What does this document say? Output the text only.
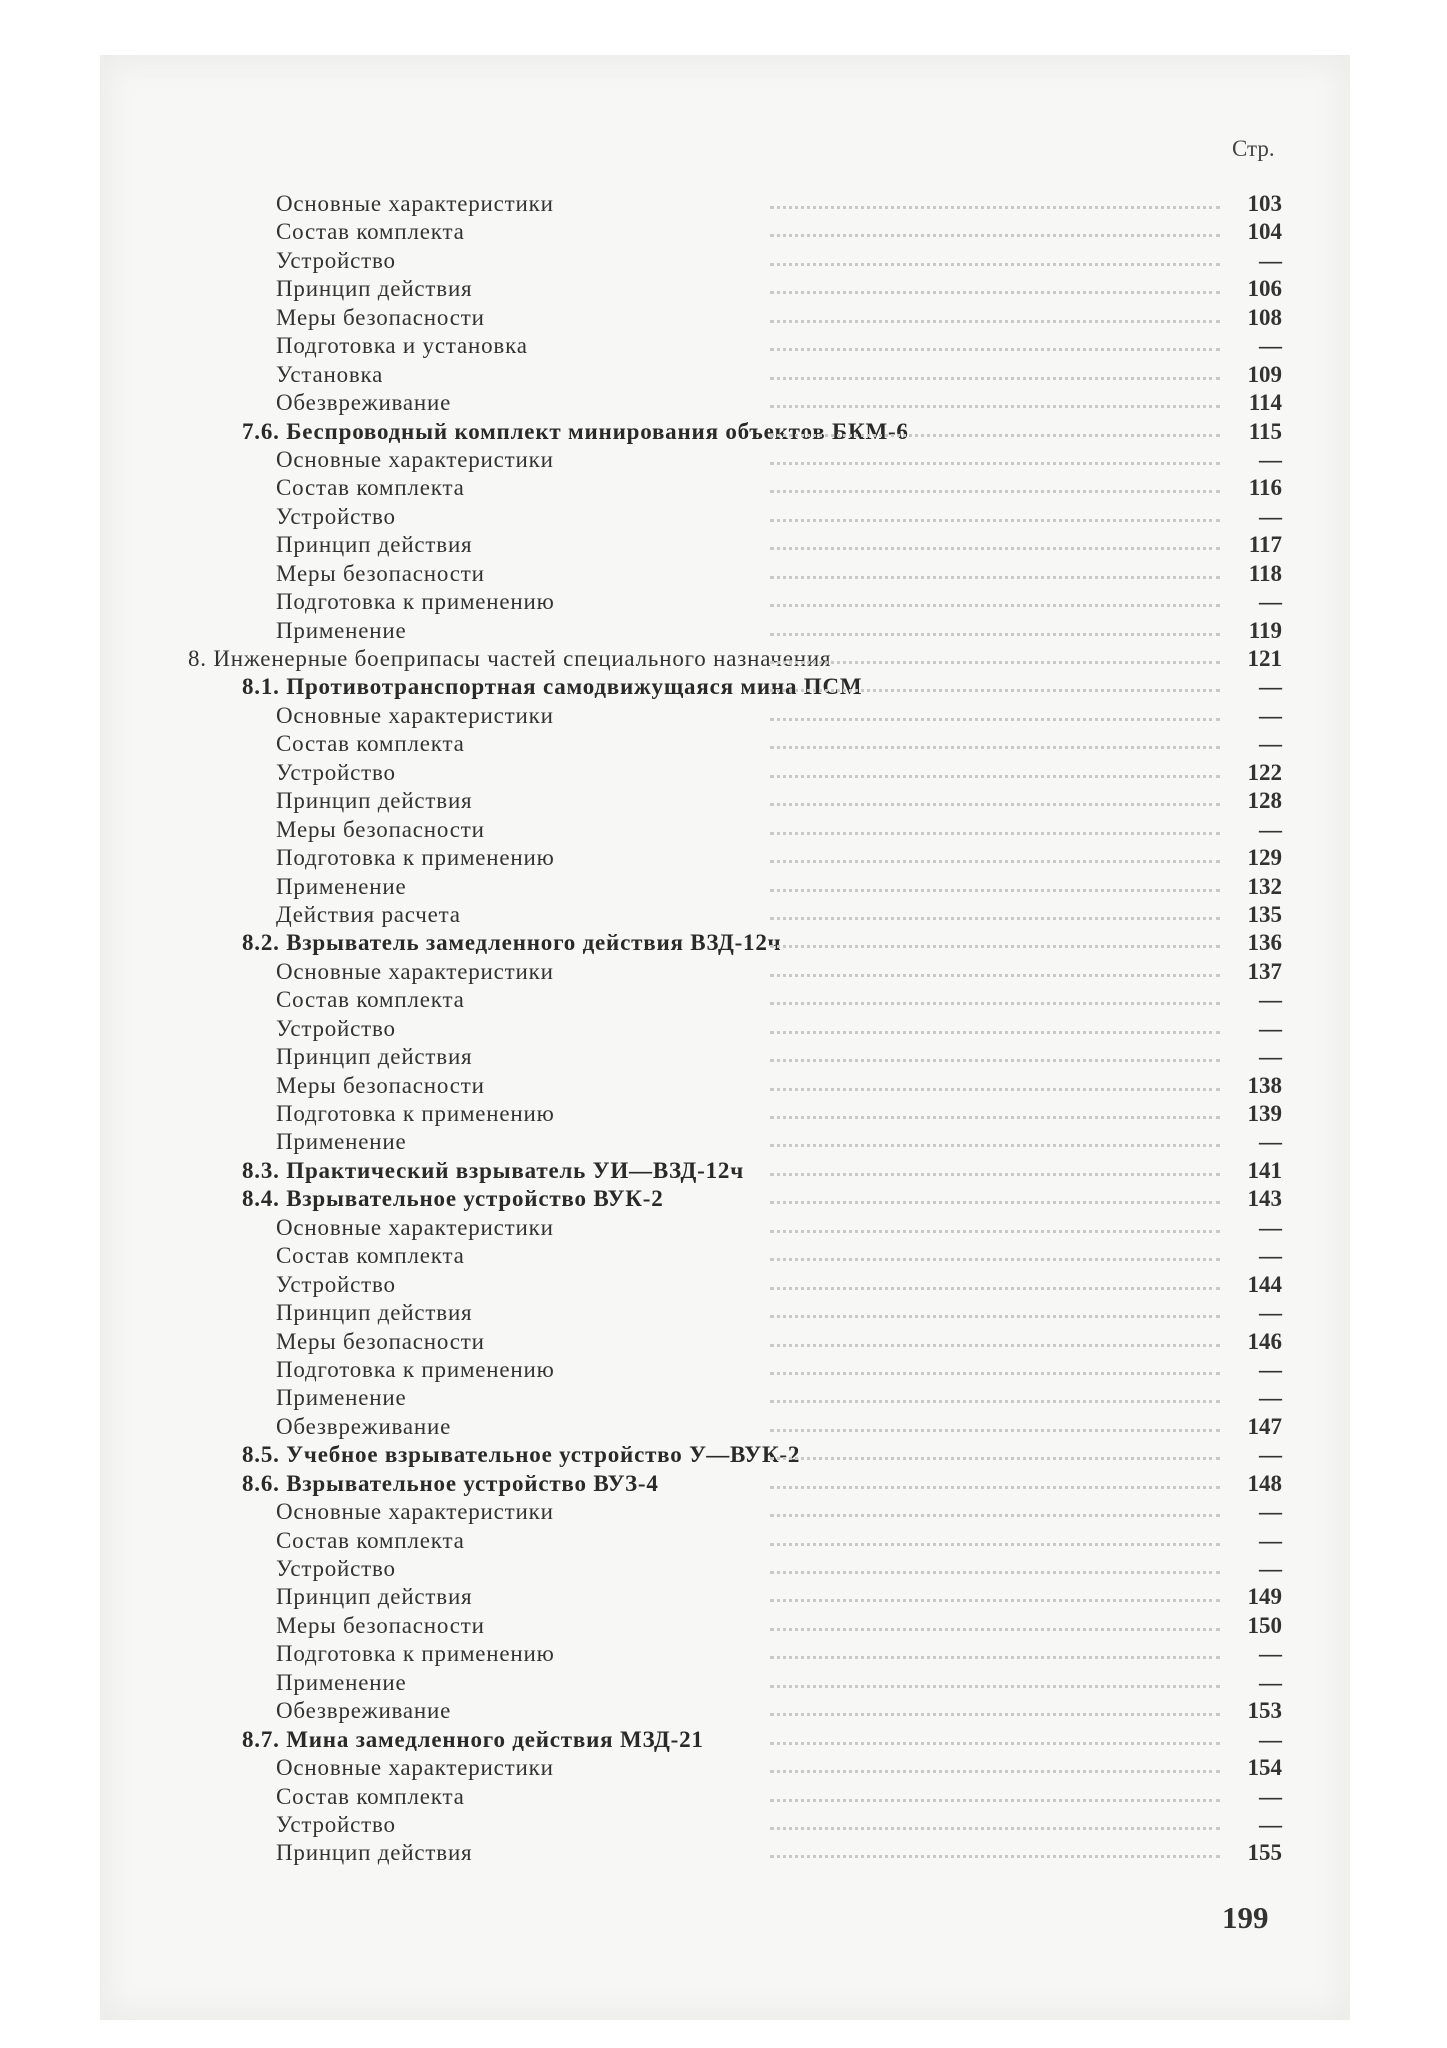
Стр.
Основные характеристики	103
Состав комплекта	104
Устройство	—
Принцип действия	106
Меры безопасности	108
Подготовка и установка	—
Установка	109
Обезвреживание	114
7.6. Беспроводный комплект минирования объектов БКМ-6	115
Основные характеристики	—
Состав комплекта	116
Устройство	—
Принцип действия	117
Меры безопасности	118
Подготовка к применению	—
Применение	119
8. Инженерные боеприпасы частей специального назначения	121
8.1. Противотранспортная самодвижущаяся мина ПСМ	—
Основные характеристики	—
Состав комплекта	—
Устройство	122
Принцип действия	128
Меры безопасности	—
Подготовка к применению	129
Применение	132
Действия расчета	135
8.2. Взрыватель замедленного действия ВЗД-12ч	136
Основные характеристики	137
Состав комплекта	—
Устройство	—
Принцип действия	—
Меры безопасности	138
Подготовка к применению	139
Применение	—
8.3. Практический взрыватель УИ—ВЗД-12ч	141
8.4. Взрывательное устройство ВУК-2	143
Основные характеристики	—
Состав комплекта	—
Устройство	144
Принцип действия	—
Меры безопасности	146
Подготовка к применению	—
Применение	—
Обезвреживание	147
8.5. Учебное взрывательное устройство У—ВУК-2	—
8.6. Взрывательное устройство ВУЗ-4	148
Основные характеристики	—
Состав комплекта	—
Устройство	—
Принцип действия	149
Меры безопасности	150
Подготовка к применению	—
Применение	—
Обезвреживание	153
8.7. Мина замедленного действия МЗД-21	—
Основные характеристики	154
Состав комплекта	—
Устройство	—
Принцип действия	155
199
